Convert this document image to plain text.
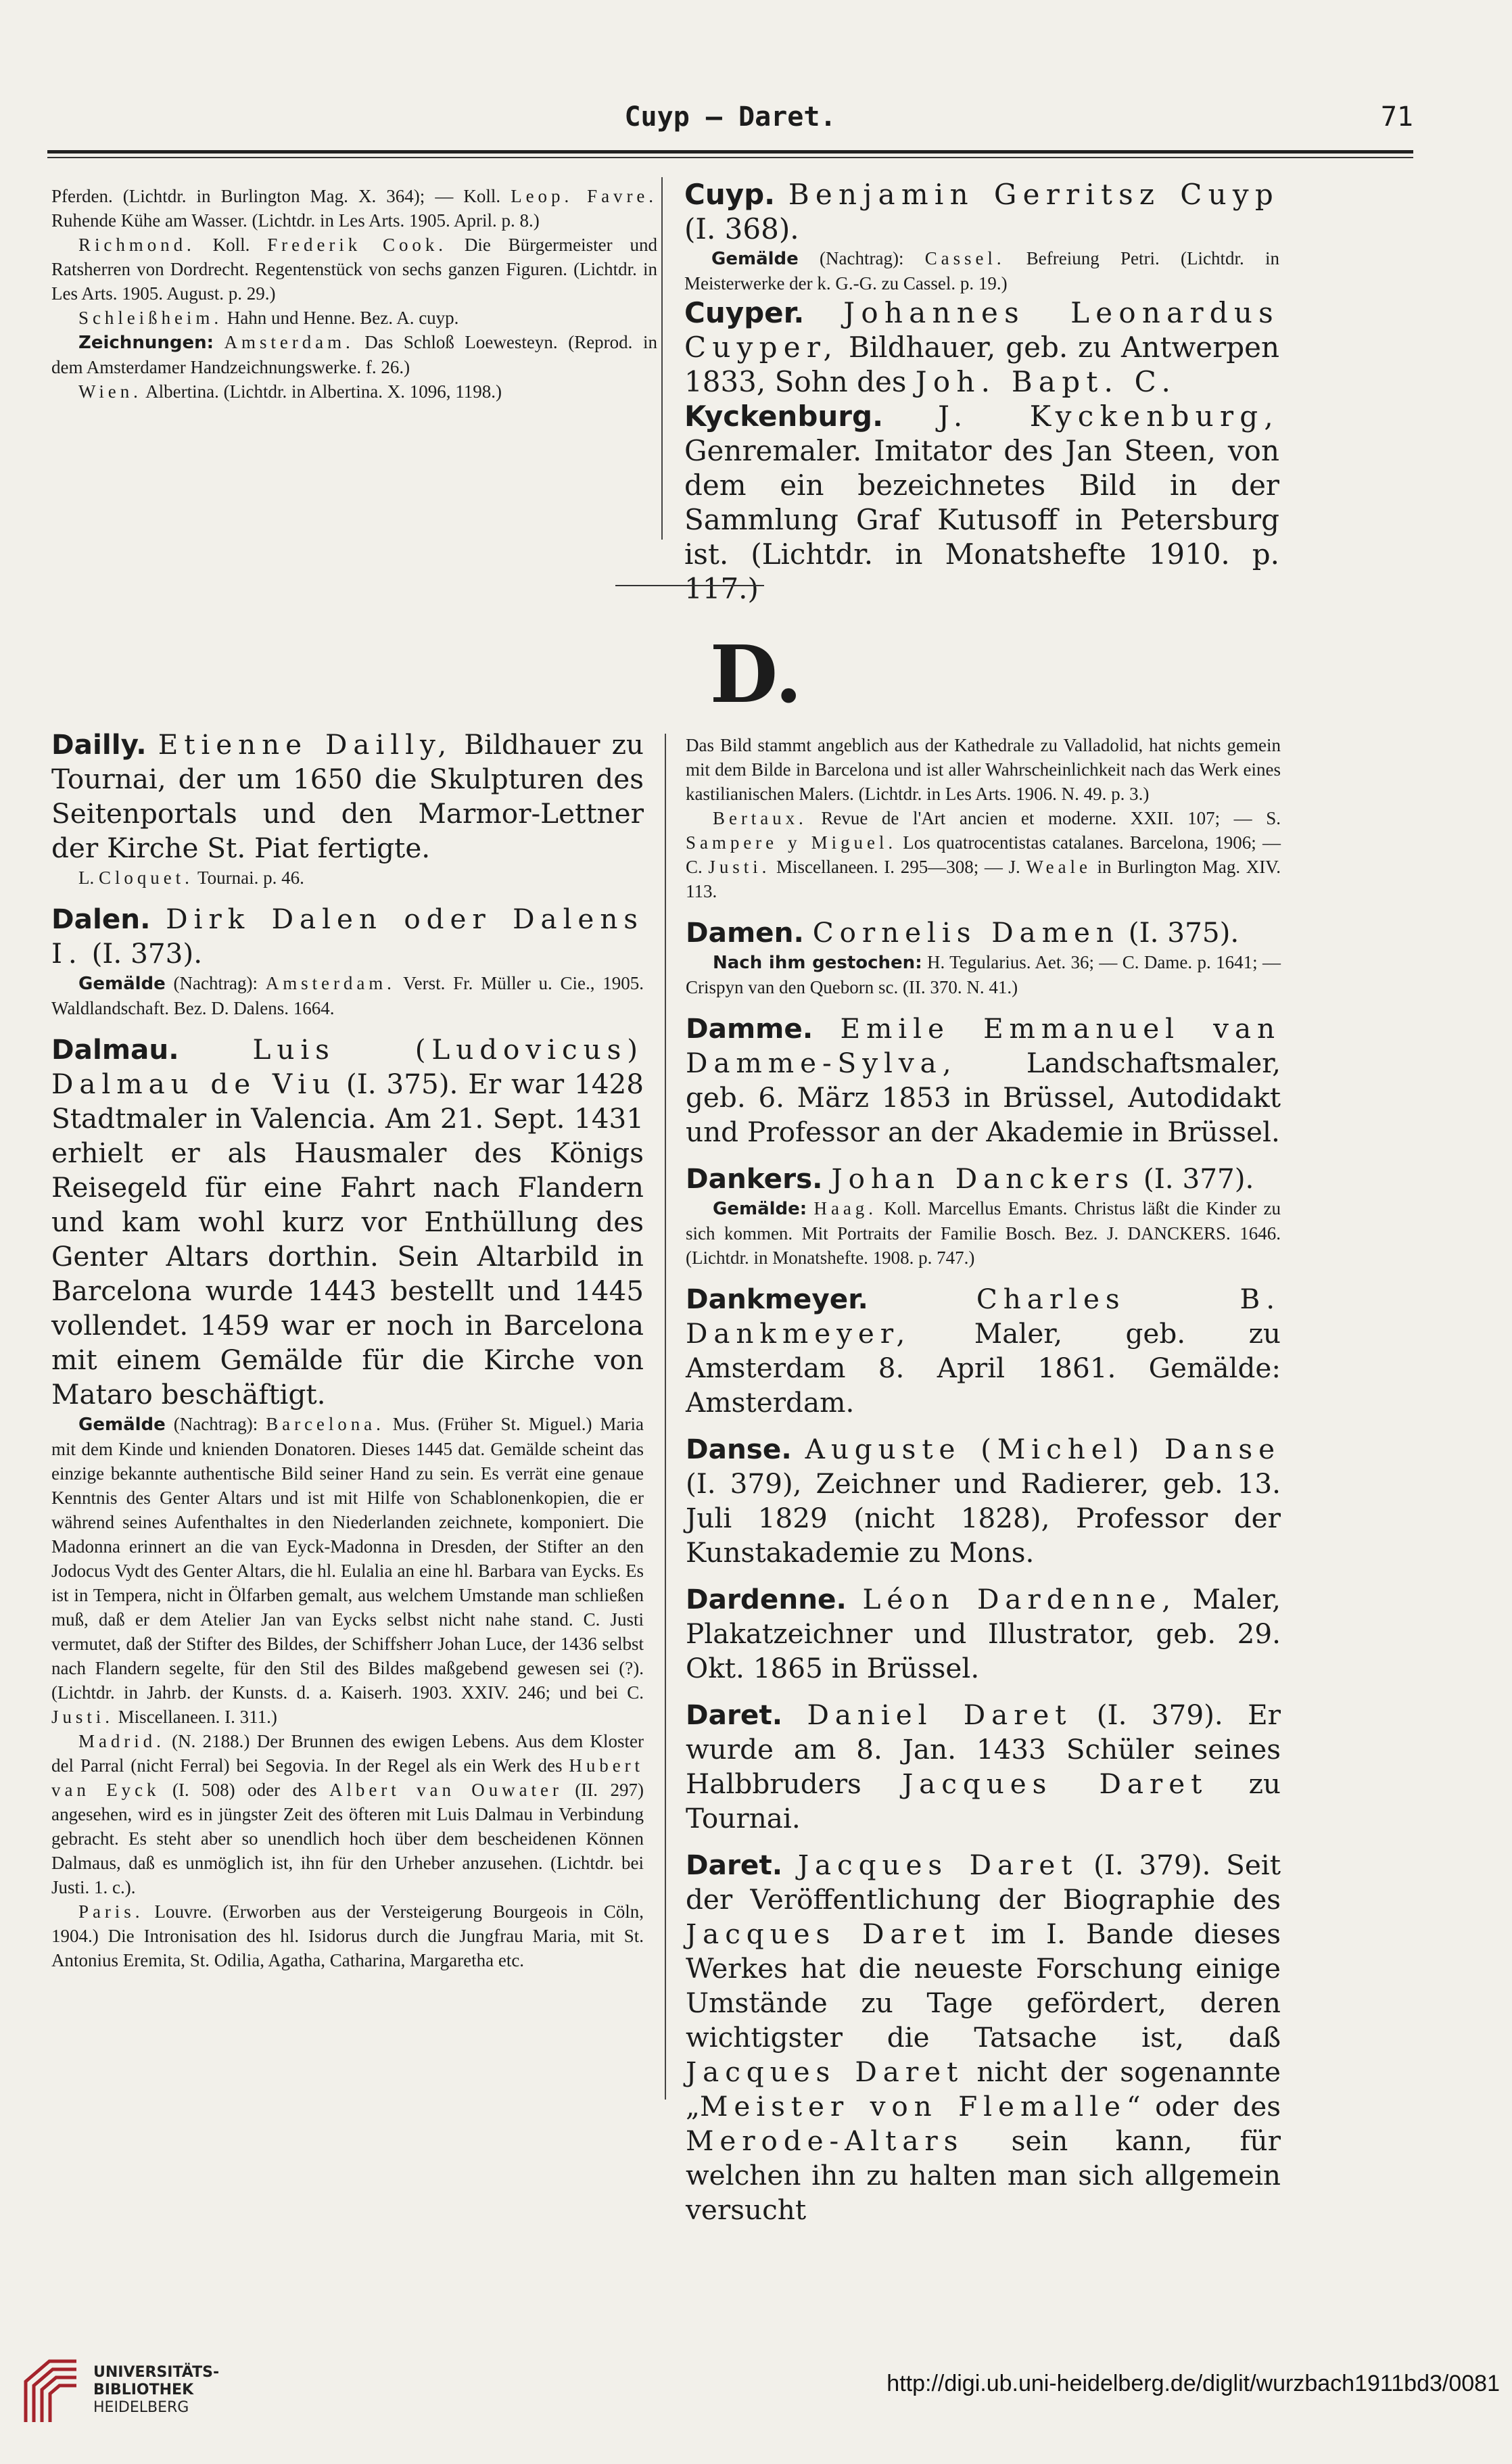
Cuyp — Daret.	71

Pferden. (Lichtdr. in Burlington Mag. X. 364); — Koll. Leop. Favre. Ruhende Kühe am Wasser. (Lichtdr. in Les Arts. 1905. April. p. 8.)

Richmond. Koll. Frederik Cook. Die Bürgermeister und Ratsherren von Dordrecht. Regentenstück von sechs ganzen Figuren. (Lichtdr. in Les Arts. 1905. August. p. 29.)

Schleißheim. Hahn und Henne. Bez. A. cuyp.

Zeichnungen: Amsterdam. Das Schloß Loewesteyn. (Reprod. in dem Amsterdamer Handzeichnungswerke. f. 26.)

Wien. Albertina. (Lichtdr. in Albertina. X. 1096, 1198.)

Cuyp. Benjamin Gerritsz Cuyp (I. 368).

Gemälde (Nachtrag): Cassel. Befreiung Petri. (Lichtdr. in Meisterwerke der k. G.-G. zu Cassel. p. 19.)

Cuyper. Johannes Leonardus Cuyper, Bildhauer, geb. zu Antwerpen 1833, Sohn des Joh. Bapt. C.

Kyckenburg. J. Kyckenburg, Genremaler. Imitator des Jan Steen, von dem ein bezeichnetes Bild in der Sammlung Graf Kutusoff in Petersburg ist. (Lichtdr. in Monatshefte 1910. p. 117.)

D.

Dailly. Etienne Dailly, Bildhauer zu Tournai, der um 1650 die Skulpturen des Seitenportals und den Marmor-Lettner der Kirche St. Piat fertigte.

L. Cloquet. Tournai. p. 46.

Dalen. Dirk Dalen oder Dalens I. (I. 373).

Gemälde (Nachtrag): Amsterdam. Verst. Fr. Müller u. Cie., 1905. Waldlandschaft. Bez. D. Dalens. 1664.

Dalmau.	Luis (Ludovicus) Dalmau de Viu (I. 375). Er war 1428 Stadtmaler in Valencia. Am 21. Sept. 1431 erhielt er als Hausmaler des Königs Reisegeld für eine Fahrt nach Flandern und kam wohl kurz vor Enthüllung des Genter Altars dorthin. Sein Altarbild in Barcelona wurde 1443 bestellt und 1445 vollendet. 1459 war er noch in Barcelona mit einem Gemälde für die Kirche von Mataro beschäftigt.

Gemälde (Nachtrag): Barcelona. Mus. (Früher St. Miguel.) Maria mit dem Kinde und knienden Donatoren. Dieses 1445 dat. Gemälde scheint das einzige bekannte authentische Bild seiner Hand zu sein. Es verrät eine genaue Kenntnis des Genter Altars und ist mit Hilfe von Schablonenkopien, die er während seines Aufenthaltes in den Niederlanden zeichnete, komponiert. Die Madonna erinnert an die van Eyck-Madonna in Dresden, der Stifter an den Jodocus Vydt des Genter Altars, die hl. Eulalia an eine hl. Barbara van Eycks. Es ist in Tempera, nicht in Ölfarben gemalt, aus welchem Umstande man schließen muß, daß er dem Atelier Jan van Eycks selbst nicht nahe stand. C. Justi vermutet, daß der Stifter des Bildes, der Schiffsherr Johan Luce, der 1436 selbst nach Flandern segelte, für den Stil des Bildes maßgebend gewesen sei (?). (Lichtdr. in Jahrb. der Kunsts. d. a. Kaiserh. 1903. XXIV. 246; und bei C. Justi. Miscellaneen. I. 311.)

Madrid. (N. 2188.) Der Brunnen des ewigen Lebens. Aus dem Kloster del Parral (nicht Ferral) bei Segovia. In der Regel als ein Werk des Hubert van Eyck (I. 508) oder des Albert van Ouwater (II. 297) angesehen, wird es in jüngster Zeit des öfteren mit Luis Dalmau in Verbindung gebracht. Es steht aber so unendlich hoch über dem bescheidenen Können Dalmaus, daß es unmöglich ist, ihn für den Urheber anzusehen. (Lichtdr. bei Justi. 1. c.).

Paris. Louvre. (Erworben aus der Versteigerung Bourgeois in Cöln, 1904.) Die Intronisation des hl. Isidorus durch die Jungfrau Maria, mit St. Antonius Eremita, St. Odilia, Agatha, Catharina, Margaretha etc.

Das Bild stammt angeblich aus der Kathedrale zu Valladolid, hat nichts gemein mit dem Bilde in Barcelona und ist aller Wahrscheinlichkeit nach das Werk eines kastilianischen Malers. (Lichtdr. in Les Arts. 1906. N. 49. p. 3.)

Bertaux. Revue de l'Art ancien et moderne. XXII. 107; — S. Sampere y Miguel. Los quatrocentistas catalanes. Barcelona, 1906; — C. Justi. Miscellaneen. I. 295—308; — J. Weale in Burlington Mag. XIV. 113.

Damen. Cornelis Damen (I. 375).

Nach ihm gestochen: H. Tegularius. Aet. 36; — C. Dame. p. 1641; — Crispyn van den Queborn sc. (II. 370. N. 41.)

Damme. Emile Emmanuel van Damme-Sylva, Landschaftsmaler, geb. 6. März 1853 in Brüssel, Autodidakt und Professor an der Akademie in Brüssel.

Dankers. Johan Danckers (I. 377).

Gemälde: Haag. Koll. Marcellus Emants. Christus läßt die Kinder zu sich kommen. Mit Portraits der Familie Bosch. Bez. J. DANCKERS. 1646. (Lichtdr. in Monatshefte. 1908. p. 747.)

Dankmeyer.	Charles B. Dankmeyer, Maler, geb. zu Amsterdam 8. April 1861. Gemälde: Amsterdam.

Danse. Auguste (Michel) Danse (I. 379), Zeichner und Radierer, geb. 13. Juli 1829 (nicht 1828), Professor der Kunstakademie zu Mons.

Dardenne. Léon Dardenne, Maler, Plakatzeichner und Illustrator, geb. 29. Okt. 1865 in Brüssel.

Daret. Daniel Daret (I. 379). Er wurde am 8. Jan. 1433 Schüler seines Halbbruders Jacques Daret zu Tournai.

Daret. Jacques Daret (I. 379). Seit der Veröffentlichung der Biographie des Jacques Daret im I. Bande dieses Werkes hat die neueste Forschung einige Umstände zu Tage gefördert, deren wichtigster die Tatsache ist, daß Jacques Daret nicht der sogenannte „Meister von Flemalle“ oder des Merode-Altars sein kann, für welchen ihn zu halten man sich allgemein versucht

UNIVERSITÄTS-
BIBLIOTHEK
HEIDELBERG
http://digi.ub.uni-heidelberg.de/diglit/wurzbach1911bd3/0081
